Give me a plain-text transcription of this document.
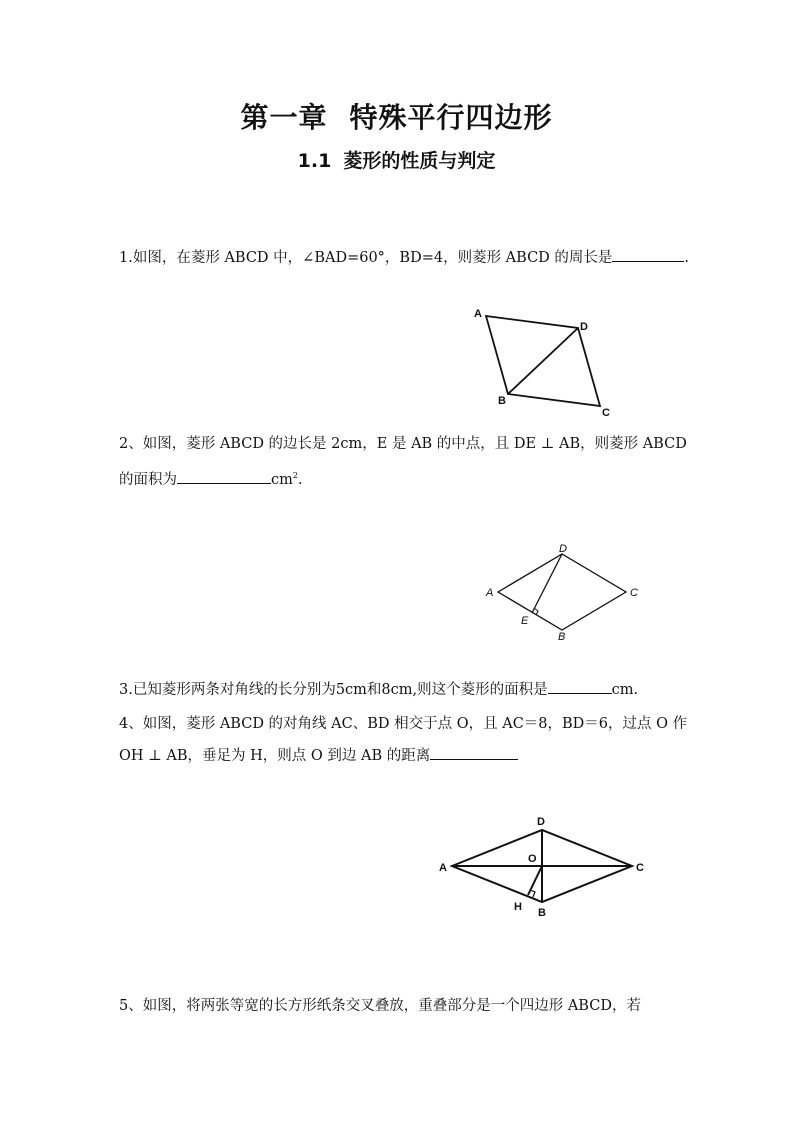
第一章 特殊平行四边形
1.1 菱形的性质与判定
1.如图，在菱形 ABCD 中，∠BAD=60°，BD=4，则菱形 ABCD 的周长是	.
A
D
B
C
2、如图，菱形 ABCD 的边长是 2cm，E 是 AB 的中点，且 DE ⊥ AB，则菱形 ABCD
的面积为	$cm^2$.
D
A	C
E
B
3.已知菱形两条对角线的长分别为5cm和8cm,则这个菱形的面积是	cm.
4、如图，菱形 ABCD 的对角线 AC、BD 相交于点 O，且 AC＝8，BD＝6，过点 O 作
OH ⊥ AB，垂足为 H，则点 O 到边 AB 的距离
D
A
O
C
H B
5、如图，将两张等宽的长方形纸条交叉叠放，重叠部分是一个四边形 ABCD，若
